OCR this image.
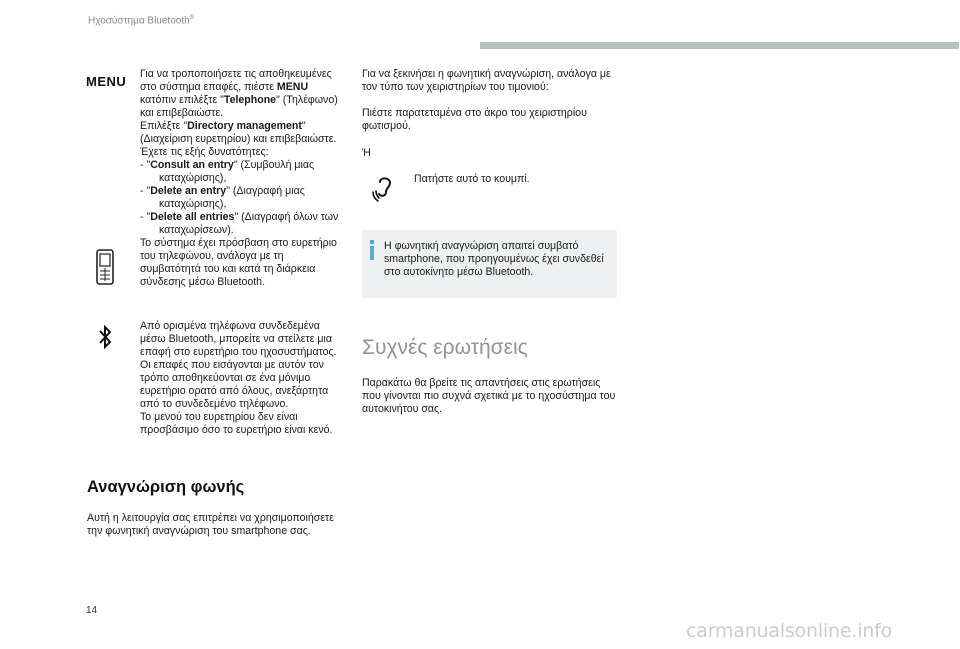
Ηχοσύστημα Bluetooth®
MENU Για να τροποποιήσετε τις αποθηκευμένες στο σύστημα επαφές, πιέστε MENU κατόπιν επιλέξτε "Telephone" (Τηλέφωνο) και επιβεβαιώστε.

Επιλέξτε "Directory management" (Διαχείριση ευρετηρίου) και επιβεβαιώστε.

Έχετε τις εξής δυνατότητες:

- "Consult an entry" (Συμβουλή μιας καταχώρισης),

- "Delete an entry" (Διαγραφή μιας καταχώρισης),

- "Delete all entries" (Διαγραφή όλων των καταχωρίσεων).

Το σύστημα έχει πρόσβαση στο ευρετήριο του τηλεφώνου, ανάλογα με τη συμβατότητά του και κατά τη διάρκεια σύνδεσης μέσω Bluetooth.

Από ορισμένα τηλέφωνα συνδεδεμένα μέσω Bluetooth, μπορείτε να στείλετε μια επαφή στο ευρετήριο του ηχοσυστήματος.

Οι επαφές που εισάγονται με αυτόν τον τρόπο αποθηκεύονται σε ένα μόνιμο ευρετήριο ορατό από όλους, ανεξάρτητα από το συνδεδεμένο τηλέφωνο.

Το μενού του ευρετηρίου δεν είναι προσβάσιμο όσο το ευρετήριο είναι κενό.

Αναγνώριση φωνής
Αυτή η λειτουργία σας επιτρέπει να χρησιμοποιήσετε την φωνητική αναγνώριση του smartphone σας.
Για να ξεκινήσει η φωνητική αναγνώριση, ανάλογα με τον τύπο των χειριστηρίων του τιμονιού:
Πιέστε παρατεταμένα στο άκρο του χειριστηρίου φωτισμού.
Ή
Πατήστε αυτό το κουμπί.
Η φωνητική αναγνώριση απαιτεί συμβατό smartphone, που προηγουμένως έχει συνδεθεί στο αυτοκίνητο μέσω Bluetooth.
Συχνές ερωτήσεις
Παρακάτω θα βρείτε τις απαντήσεις στις ερωτήσεις που γίνονται πιο συχνά σχετικά με το ηχοσύστημα του αυτοκινήτου σας.
14
carmanualsonline.info
